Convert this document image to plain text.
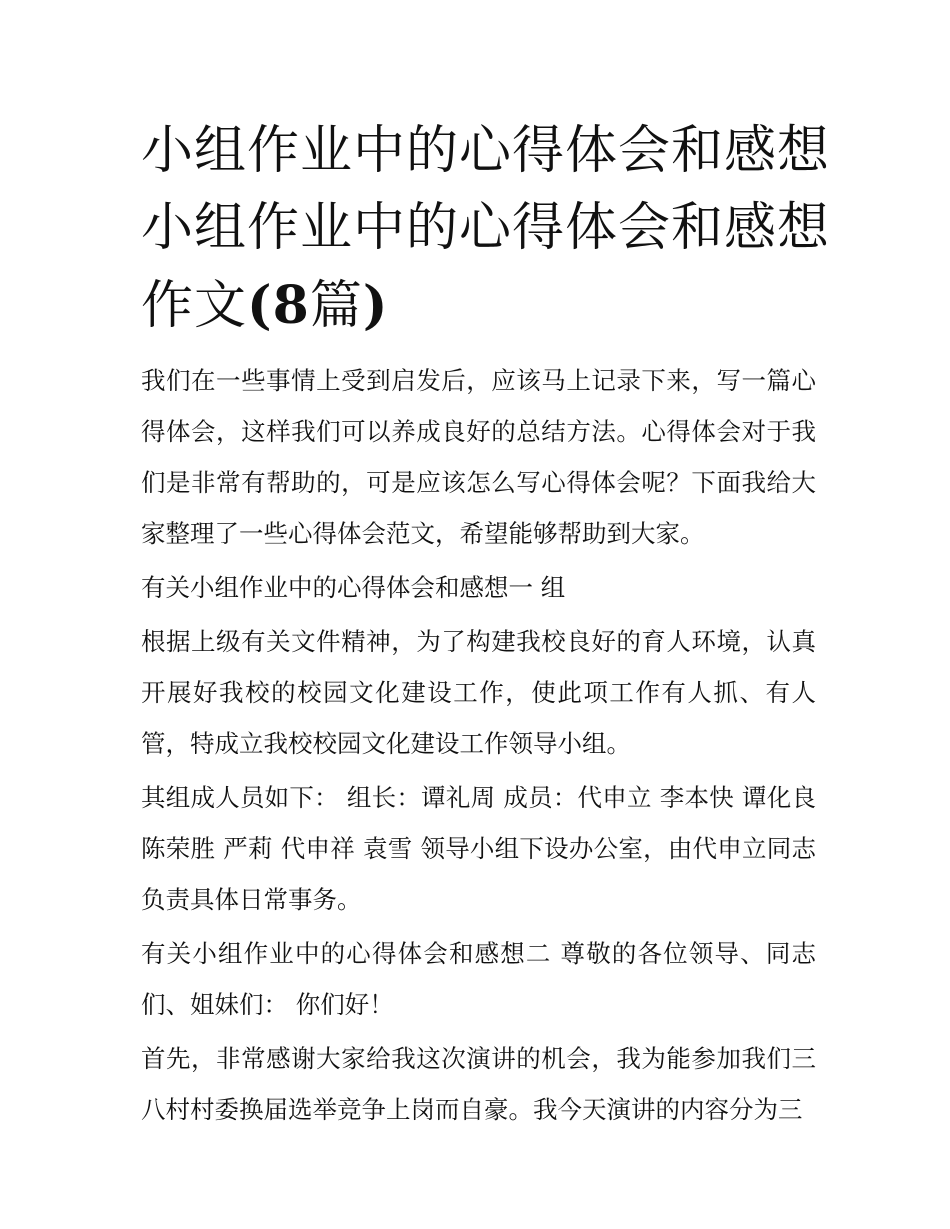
小组作业中的心得体会和感想
小组作业中的心得体会和感想
作文(8篇)

我们在一些事情上受到启发后，应该马上记录下来，写一篇心得体会，这样我们可以养成良好的总结方法。心得体会对于我们是非常有帮助的，可是应该怎么写心得体会呢？下面我给大家整理了一些心得体会范文，希望能够帮助到大家。

有关小组作业中的心得体会和感想一 组

根据上级有关文件精神，为了构建我校良好的育人环境，认真开展好我校的校园文化建设工作，使此项工作有人抓、有人管，特成立我校校园文化建设工作领导小组。

其组成人员如下： 组长：谭礼周 成员：代申立 李本快 谭化良 陈荣胜 严莉 代申祥 袁雪 领导小组下设办公室，由代申立同志负责具体日常事务。

有关小组作业中的心得体会和感想二 尊敬的各位领导、同志们、姐妹们： 你们好！

首先，非常感谢大家给我这次演讲的机会，我为能参加我们三八村村委换届选举竞争上岗而自豪。我今天演讲的内容分为三
